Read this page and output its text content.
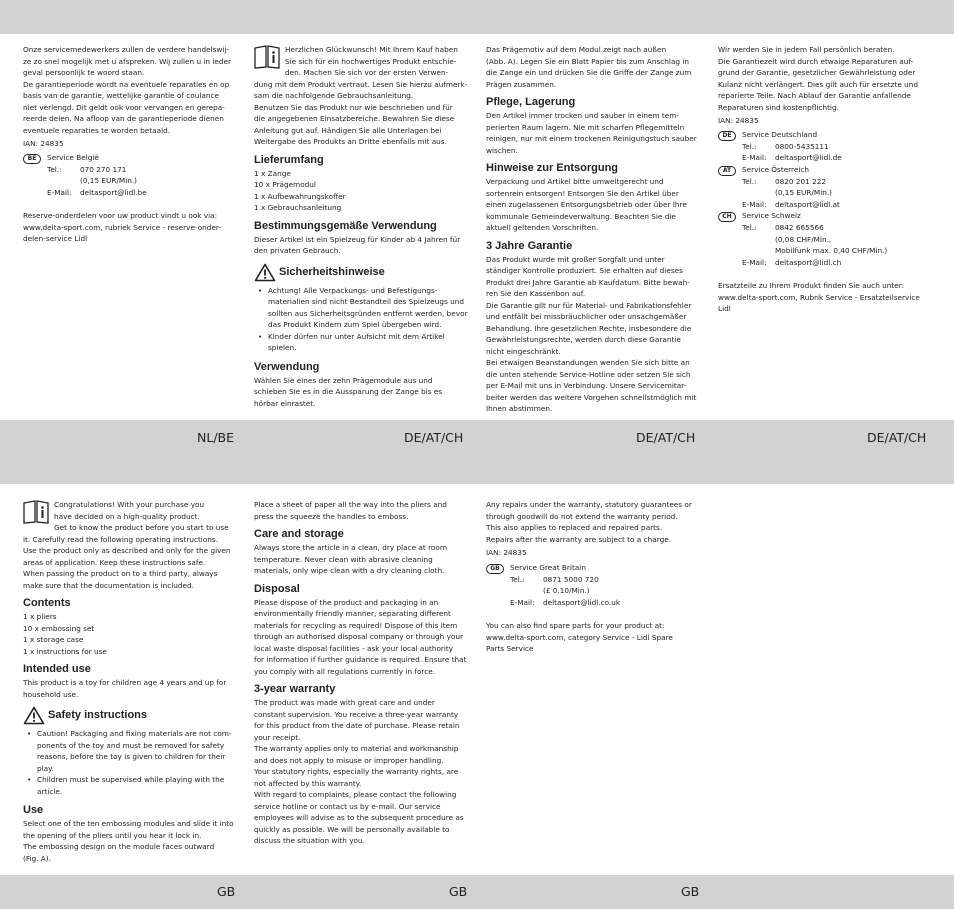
NL/BE	DE/AT/CH	DE/AT/CH	DE/AT/CH
GB	GB	GB

Onze servicemedewerkers zullen de verdere handelswij-
ze zo snel mogelijk met u afspreken. Wij zullen u in ieder
geval persoonlijk te woord staan.
De garantieperiode wordt na eventuele reparaties en op
basis van de garantie, wettelijke garantie of coulance
niet verlengd. Dit geldt ook voor vervangen en gerepa-
reerde delen. Na afloop van de garantieperiode dienen
eventuele reparaties te worden betaald.

IAN: 24835

BE	Service België
Tel.:	070 270 171
(0,15 EUR/Min.)
E-Mail:	deltasport@lidl.be

Reserve-onderdelen voor uw product vindt u ook via:
www.delta-sport.com, rubriek Service - reserve-onder-
delen-service Lidl

Herzlichen Glückwunsch! Mit Ihrem Kauf haben
Sie sich für ein hochwertiges Produkt entschie-
den. Machen Sie sich vor der ersten Verwen-

dung mit dem Produkt vertraut. Lesen Sie hierzu aufmerk-
sam die nachfolgende Gebrauchsanleitung.
Benutzen Sie das Produkt nur wie beschrieben und für
die angegebenen Einsatzbereiche. Bewahren Sie diese
Anleitung gut auf. Händigen Sie alle Unterlagen bei
Weitergabe des Produkts an Dritte ebenfalls mit aus.

Lieferumfang

1 x Zange
10 x Prägemodul
1 x Aufbewahrungskoffer
1 x Gebrauchsanleitung

Bestimmungsgemäße Verwendung

Dieser Artikel ist ein Spielzeug für Kinder ab 4 Jahren für
den privaten Gebrauch.

Sicherheitshinweise
• Achtung! Alle Verpackungs- und Befestigungs-
materialien sind nicht Bestandteil des Spielzeugs und
sollten aus Sicherheitsgründen entfernt werden, bevor
das Produkt Kindern zum Spiel übergeben wird.
• Kinder dürfen nur unter Aufsicht mit dem Artikel
spielen.
Verwendung

Wählen Sie eines der zehn Prägemodule aus und
schieben Sie es in die Aussparung der Zange bis es
hörbar einrastet.

Das Prägemotiv auf dem Modul zeigt nach außen
(Abb. A). Legen Sie ein Blatt Papier bis zum Anschlag in
die Zange ein und drücken Sie die Griffe der Zange zum
Prägen zusammen.

Pflege, Lagerung

Den Artikel immer trocken und sauber in einem tem-
perierten Raum lagern. Nie mit scharfen Pflegemitteln
reinigen, nur mit einem trockenen Reinigungstuch sauber
wischen.

Hinweise zur Entsorgung

Verpackung und Artikel bitte umweltgerecht und
sortenrein entsorgen! Entsorgen Sie den Artikel über
einen zugelassenen Entsorgungsbetrieb oder über Ihre
kommunale Gemeindeverwaltung. Beachten Sie die
aktuell geltenden Vorschriften.

3 Jahre Garantie

Das Produkt wurde mit großer Sorgfalt und unter
ständiger Kontrolle produziert. Sie erhalten auf dieses
Produkt drei Jahre Garantie ab Kaufdatum. Bitte bewah-
ren Sie den Kassenbon auf.
Die Garantie gilt nur für Material- und Fabrikationsfehler
und entfällt bei missbräuchlicher oder unsachgemäßer
Behandlung. Ihre gesetzlichen Rechte, insbesondere die
Gewährleistungsrechte, werden durch diese Garantie
nicht eingeschränkt.
Bei etwaigen Beanstandungen wenden Sie sich bitte an
die unten stehende Service-Hotline oder setzen Sie sich
per E-Mail mit uns in Verbindung. Unsere Servicemitar-
beiter werden das weitere Vorgehen schnellstmöglich mit
Ihnen abstimmen.

Wir werden Sie in jedem Fall persönlich beraten.
Die Garantiezeit wird durch etwaige Reparaturen auf-
grund der Garantie, gesetzlicher Gewährleistung oder
Kulanz nicht verlängert. Dies gilt auch für ersetzte und
reparierte Teile. Nach Ablauf der Garantie anfallende
Reparaturen sind kostenpflichtig.

IAN: 24835

DE	Service Deutschland
Tel.:	0800-5435111
E-Mail:	deltasport@lidl.de
AT	Service Österreich
Tel.:	0820 201 222
(0,15 EUR/Min.)
E-Mail:	deltasport@lidl.at
CH	Service Schweiz
Tel.:	0842 665566
(0,08 CHF/Min.,
Mobilfunk max. 0,40 CHF/Min.)
E-Mail:	deltasport@lidl.ch

Ersatzteile zu Ihrem Produkt finden Sie auch unter:
www.delta-sport.com, Rubrik Service - Ersatzteilservice
Lidl

Congratulations! With your purchase you
have decided on a high-quality product.
Get to know the product before you start to use

it. Carefully read the following operating instructions.
Use the product only as described and only for the given
areas of application. Keep these instructions safe.
When passing the product on to a third party, always
make sure that the documentation is included.

Contents

1 x pliers
10 x embossing set
1 x storage case
1 x instructions for use

Intended use

This product is a toy for children age 4 years and up for
household use.

Safety instructions
• Caution! Packaging and fixing materials are not com-
ponents of the toy and must be removed for safety
reasons, before the toy is given to children for their
play.
• Children must be supervised while playing with the
article.
Use

Select one of the ten embossing modules and slide it into
the opening of the pliers until you hear it lock in.
The embossing design on the module faces outward
(Fig. A).

Place a sheet of paper all the way into the pliers and
press the squeeze the handles to emboss.

Care and storage

Always store the article in a clean, dry place at room
temperature. Never clean with abrasive cleaning
materials, only wipe clean with a dry cleaning cloth.

Disposal

Please dispose of the product and packaging in an
environmentally friendly manner, separating different
materials for recycling as required! Dispose of this item
through an authorised disposal company or through your
local waste disposal facilities - ask your local authority
for information if further guidance is required. Ensure that
you comply with all regulations currently in force.

3-year warranty

The product was made with great care and under
constant supervision. You receive a three-year warranty
for this product from the date of purchase. Please retain
your receipt.
The warranty applies only to material and workmanship
and does not apply to misuse or improper handling.
Your statutory rights, especially the warranty rights, are
not affected by this warranty.
With regard to complaints, please contact the following
service hotline or contact us by e-mail. Our service
employees will advise as to the subsequent procedure as
quickly as possible. We will be personally available to
discuss the situation with you.

Any repairs under the warranty, statutory guarantees or
through goodwill do not extend the warranty period.
This also applies to replaced and repaired parts.
Repairs after the warranty are subject to a charge.

IAN: 24835

GB	Service Great Britain
Tel.:	0871 5000 720
(£ 0.10/Min.)
E-Mail:	deltasport@lidl.co.uk

You can also find spare parts for your product at:
www.delta-sport.com, category Service - Lidl Spare
Parts Service
